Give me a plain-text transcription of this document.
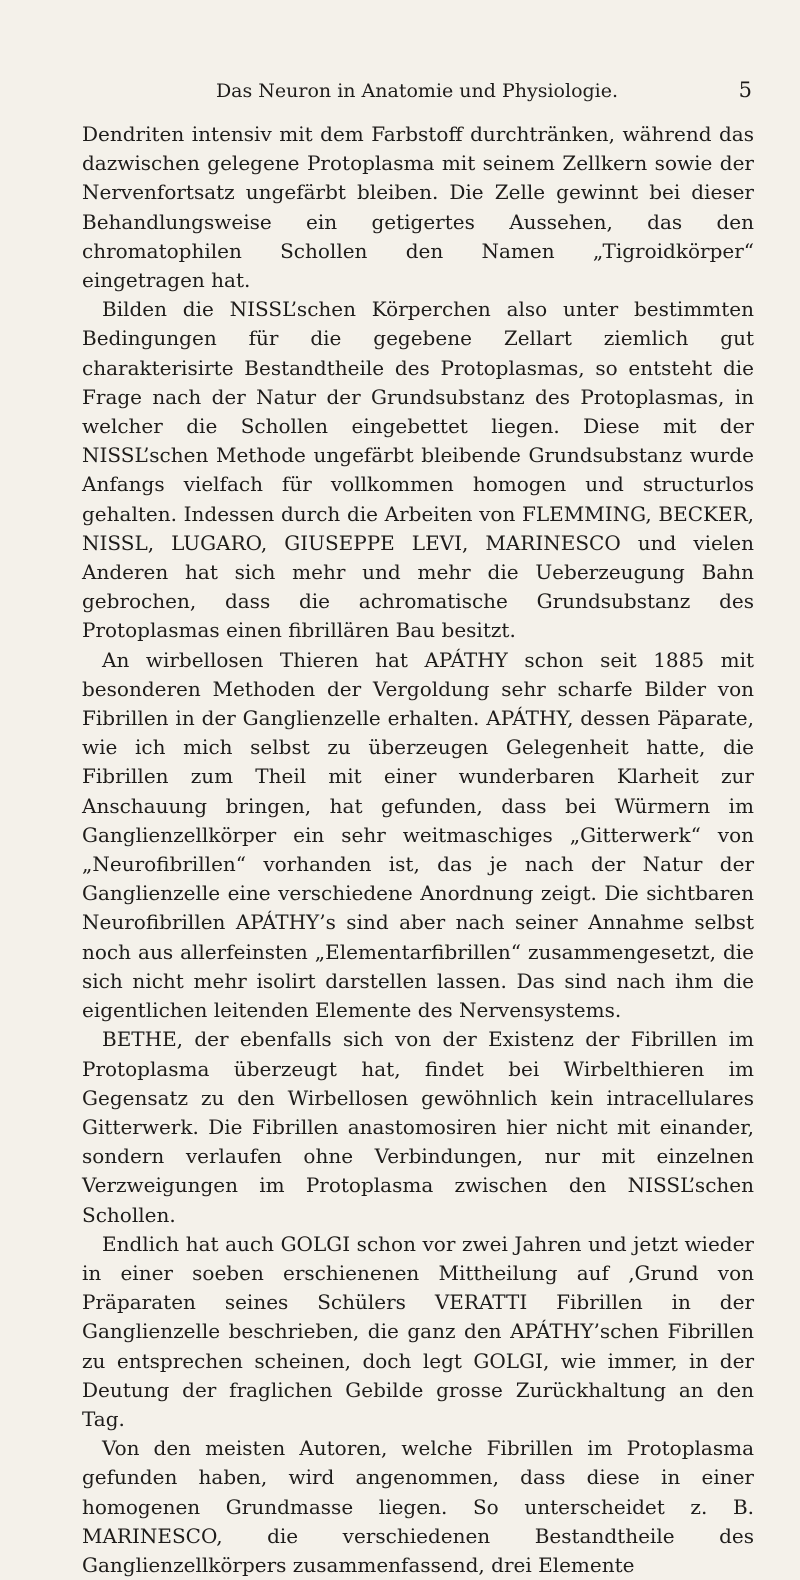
Das Neuron in Anatomie und Physiologie.	5

Dendriten intensiv mit dem Farbstoff durchtränken, während das dazwischen gelegene Protoplasma mit seinem Zellkern sowie der Nervenfortsatz ungefärbt bleiben. Die Zelle gewinnt bei dieser Behandlungsweise ein getigertes Aussehen, das den chromatophilen Schollen den Namen „Tigroidkörper“ eingetragen hat.

Bilden die NISSL’schen Körperchen also unter bestimmten Bedingungen für die gegebene Zellart ziemlich gut charakterisirte Bestandtheile des Protoplasmas, so entsteht die Frage nach der Natur der Grundsubstanz des Protoplasmas, in welcher die Schollen eingebettet liegen. Diese mit der NISSL’schen Methode ungefärbt bleibende Grundsubstanz wurde Anfangs vielfach für vollkommen homogen und structurlos gehalten. Indessen durch die Arbeiten von FLEMMING, BECKER, NISSL, LUGARO, GIUSEPPE LEVI, MARINESCO und vielen Anderen hat sich mehr und mehr die Ueberzeugung Bahn gebrochen, dass die achromatische Grundsubstanz des Protoplasmas einen fibrillären Bau besitzt.

An wirbellosen Thieren hat APÁTHY schon seit 1885 mit besonderen Methoden der Vergoldung sehr scharfe Bilder von Fibrillen in der Ganglienzelle erhalten. APÁTHY, dessen Päparate, wie ich mich selbst zu überzeugen Gelegenheit hatte, die Fibrillen zum Theil mit einer wunderbaren Klarheit zur Anschauung bringen, hat gefunden, dass bei Würmern im Ganglienzellkörper ein sehr weitmaschiges „Gitterwerk“ von „Neurofibrillen“ vorhanden ist, das je nach der Natur der Ganglienzelle eine verschiedene Anordnung zeigt. Die sichtbaren Neurofibrillen APÁTHY’s sind aber nach seiner Annahme selbst noch aus allerfeinsten „Elementarfibrillen“ zusammengesetzt, die sich nicht mehr isolirt darstellen lassen. Das sind nach ihm die eigentlichen leitenden Elemente des Nervensystems.

BETHE, der ebenfalls sich von der Existenz der Fibrillen im Protoplasma überzeugt hat, findet bei Wirbelthieren im Gegensatz zu den Wirbellosen gewöhnlich kein intracellulares Gitterwerk. Die Fibrillen anastomosiren hier nicht mit einander, sondern verlaufen ohne Verbindungen, nur mit einzelnen Verzweigungen im Protoplasma zwischen den NISSL’schen Schollen.

Endlich hat auch GOLGI schon vor zwei Jahren und jetzt wieder in einer soeben erschienenen Mittheilung auf ‚Grund von Präparaten seines Schülers VERATTI Fibrillen in der Ganglienzelle beschrieben, die ganz den APÁTHY’schen Fibrillen zu entsprechen scheinen, doch legt GOLGI, wie immer, in der Deutung der fraglichen Gebilde grosse Zurückhaltung an den Tag.

Von den meisten Autoren, welche Fibrillen im Protoplasma gefunden haben, wird angenommen, dass diese in einer homogenen Grundmasse liegen. So unterscheidet z. B. MARINESCO, die verschiedenen Bestandtheile des Ganglienzellkörpers zusammenfassend, drei Elemente
